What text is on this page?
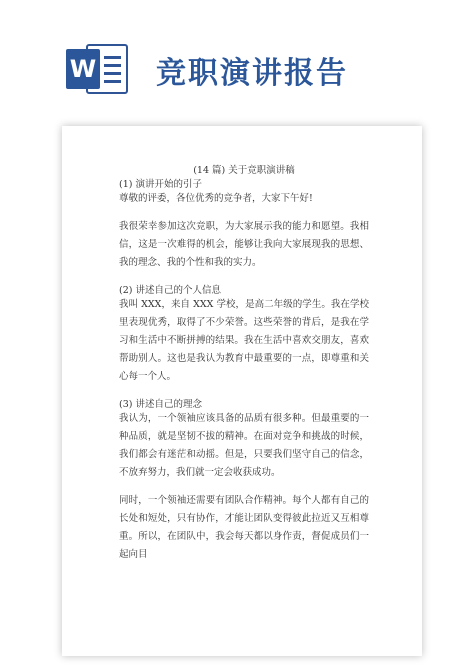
W 竞职演讲报告

(14 篇) 关于竞职演讲稿

(1) 演讲开始的引子

尊敬的评委，各位优秀的竞争者，大家下午好!

我很荣幸参加这次竞职，为大家展示我的能力和愿望。我相信，这是一次难得的机会，能够让我向大家展现我的思想、我的理念、我的个性和我的实力。

(2) 讲述自己的个人信息

我叫 XXX，来自 XXX 学校，是高二年级的学生。我在学校里表现优秀，取得了不少荣誉。这些荣誉的背后，是我在学习和生活中不断拼搏的结果。我在生活中喜欢交朋友，喜欢帮助别人。这也是我认为教育中最重要的一点，即尊重和关心每一个人。

(3) 讲述自己的理念

我认为，一个领袖应该具备的品质有很多种。但最重要的一种品质，就是坚韧不拔的精神。在面对竞争和挑战的时候，我们都会有迷茫和动摇。但是，只要我们坚守自己的信念，不放弃努力，我们就一定会收获成功。

同时，一个领袖还需要有团队合作精神。每个人都有自己的长处和短处，只有协作，才能让团队变得彼此拉近又互相尊重。所以，在团队中，我会每天都以身作责，督促成员们一起向目
